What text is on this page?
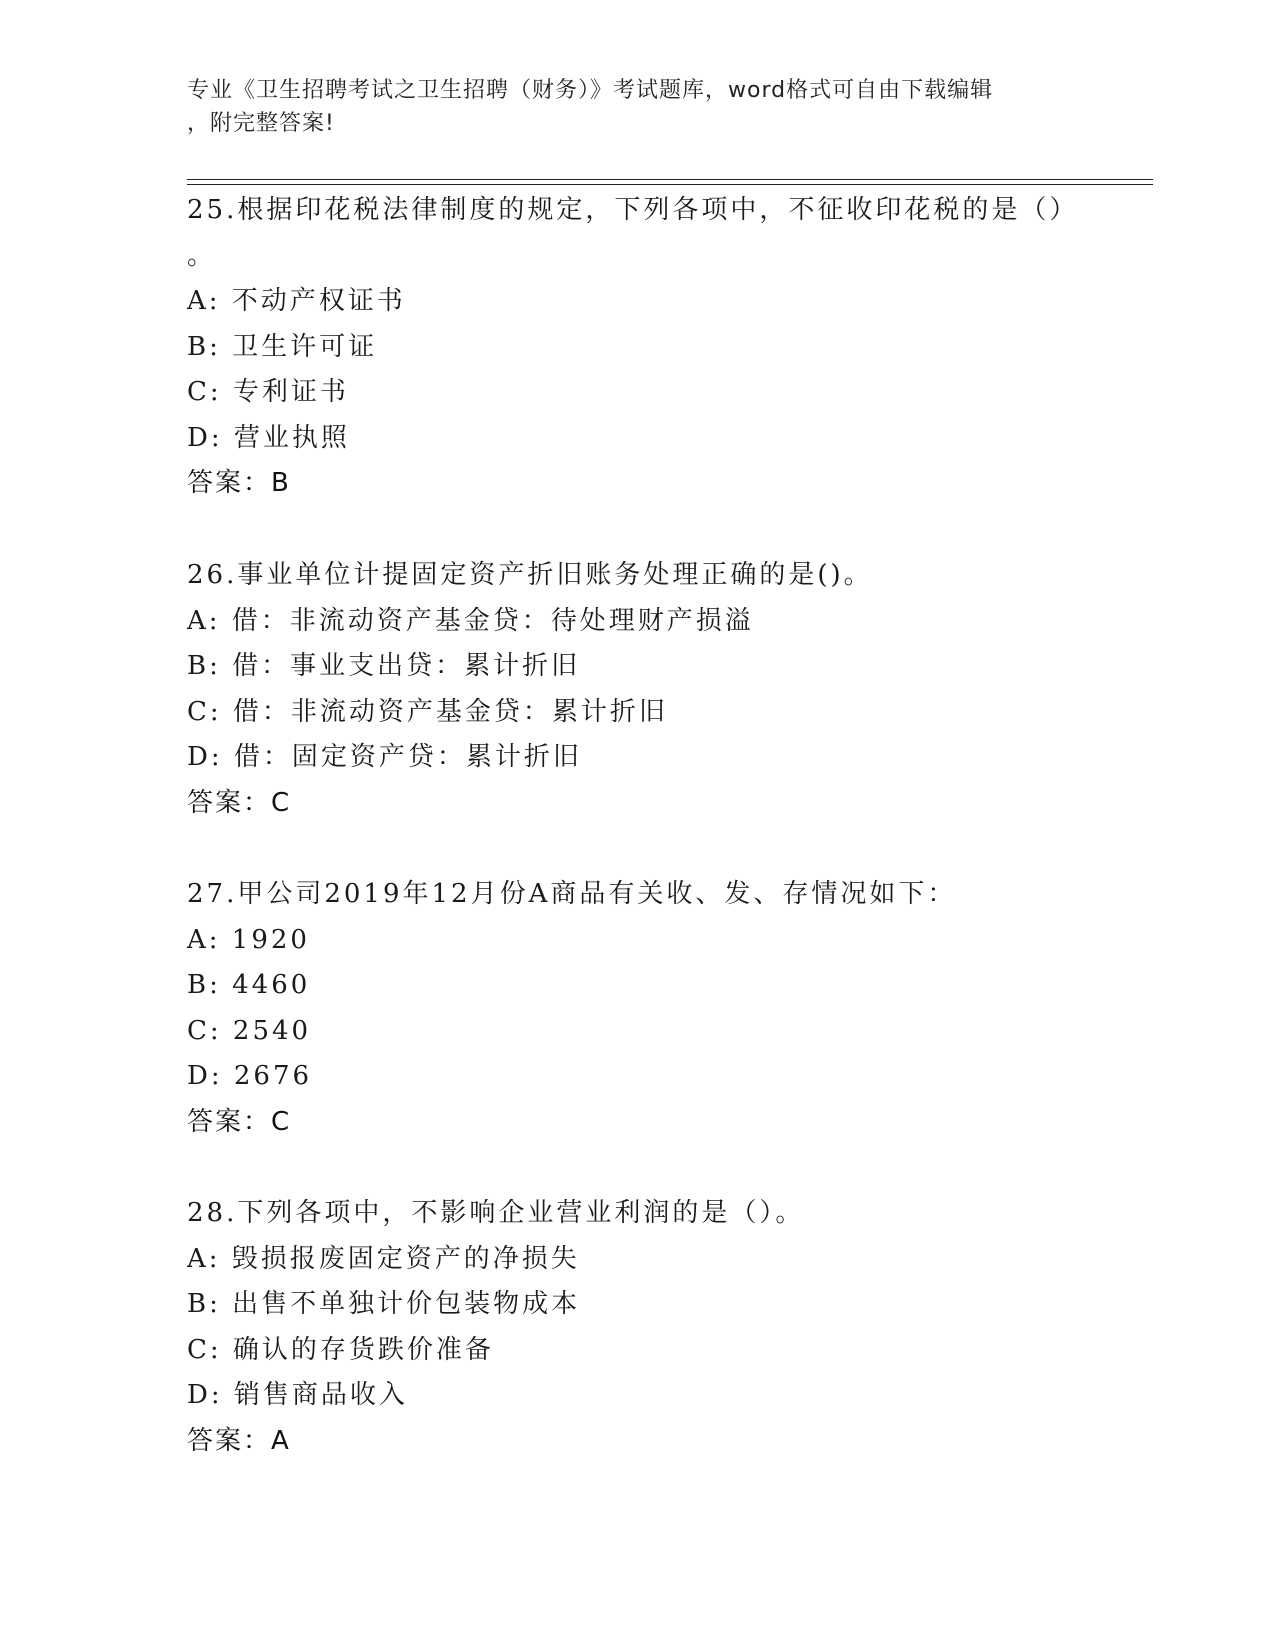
专业《卫生招聘考试之卫生招聘（财务）》考试题库，word格式可自由下载编辑
，附完整答案!
25.根据印花税法律制度的规定，下列各项中，不征收印花税的是（）
。
A: 不动产权证书
B: 卫生许可证
C: 专利证书
D: 营业执照
答案：B
26.事业单位计提固定资产折旧账务处理正确的是()。
A: 借：非流动资产基金贷：待处理财产损溢
B: 借：事业支出贷：累计折旧
C: 借：非流动资产基金贷：累计折旧
D: 借：固定资产贷：累计折旧
答案：C
27.甲公司2019年12月份A商品有关收、发、存情况如下：
A: 1920
B: 4460
C: 2540
D: 2676
答案：C
28.下列各项中，不影响企业营业利润的是（）。
A: 毁损报废固定资产的净损失
B: 出售不单独计价包装物成本
C: 确认的存货跌价准备
D: 销售商品收入
答案：A
